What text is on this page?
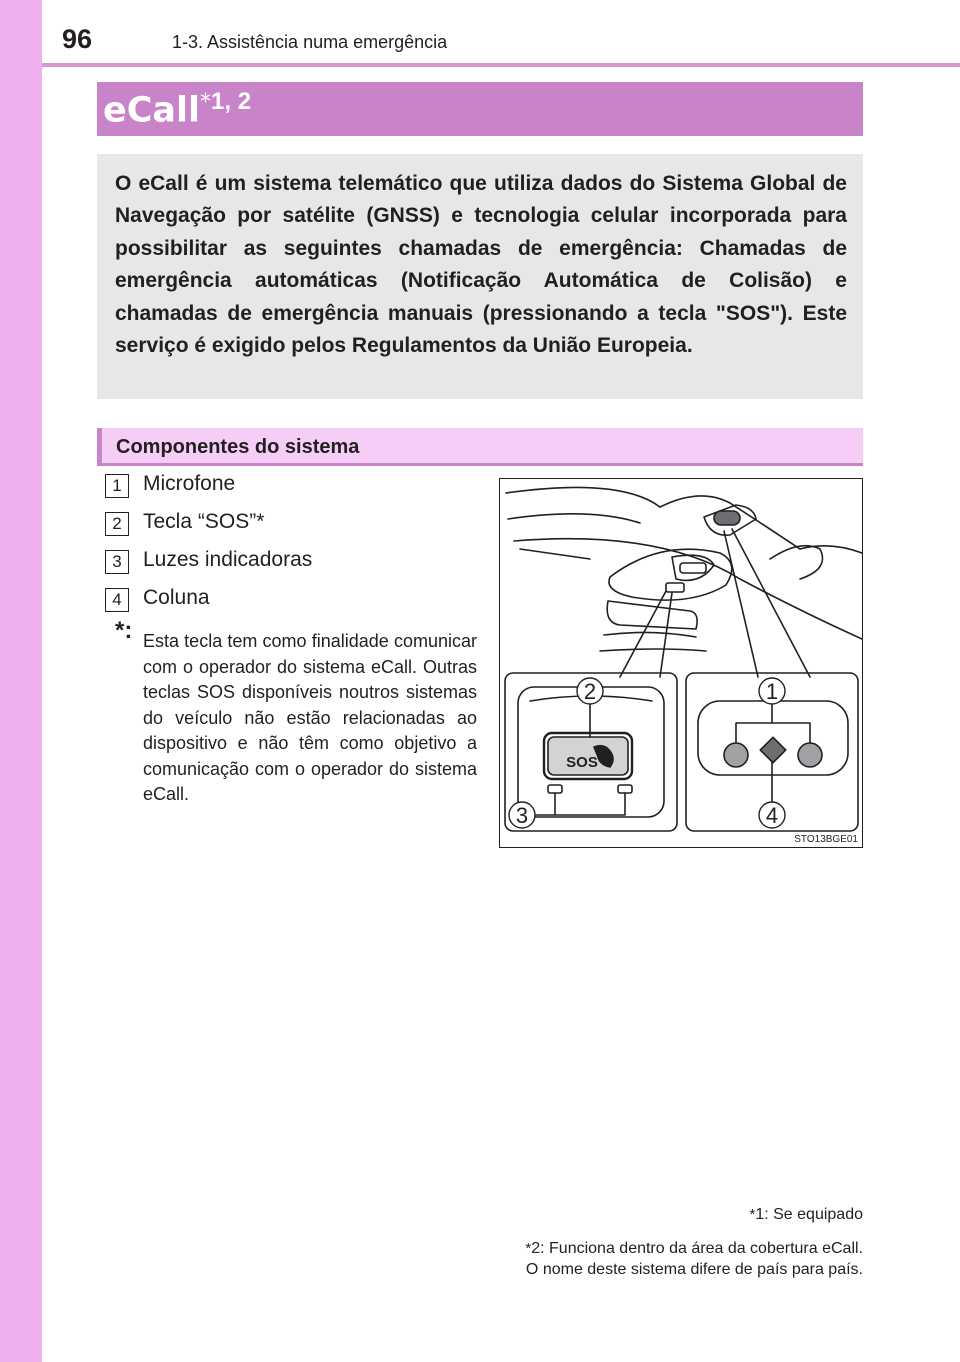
96	1-3. Assistência numa emergência
eCall$^{*1, 2}$

O eCall é um sistema telemático que utiliza dados do Sistema Global de Navegação por satélite (GNSS) e tecnologia celular incorporada para possibilitar as seguintes chamadas de emergência: Chamadas de emergência automáticas (Notificação Automática de Colisão) e chamadas de emergência manuais (pressionando a tecla "SOS"). Este serviço é exigido pelos Regulamentos da União Europeia.

Componentes do sistema
1	Microfone
2	Tecla “SOS”*
3	Luzes indicadoras
4	Coluna
*: Esta tecla tem como finalidade comunicar com o operador do sistema eCall. Outras teclas SOS disponíveis noutros sistemas do veículo não estão relacionadas ao dispositivo e não têm como objetivo a comunicação com o operador do sistema eCall.

2	1
3	4
SOS
STO13BGE01
*1: Se equipado
*2: Funciona dentro da área da cobertura eCall.
O nome deste sistema difere de país para país.
